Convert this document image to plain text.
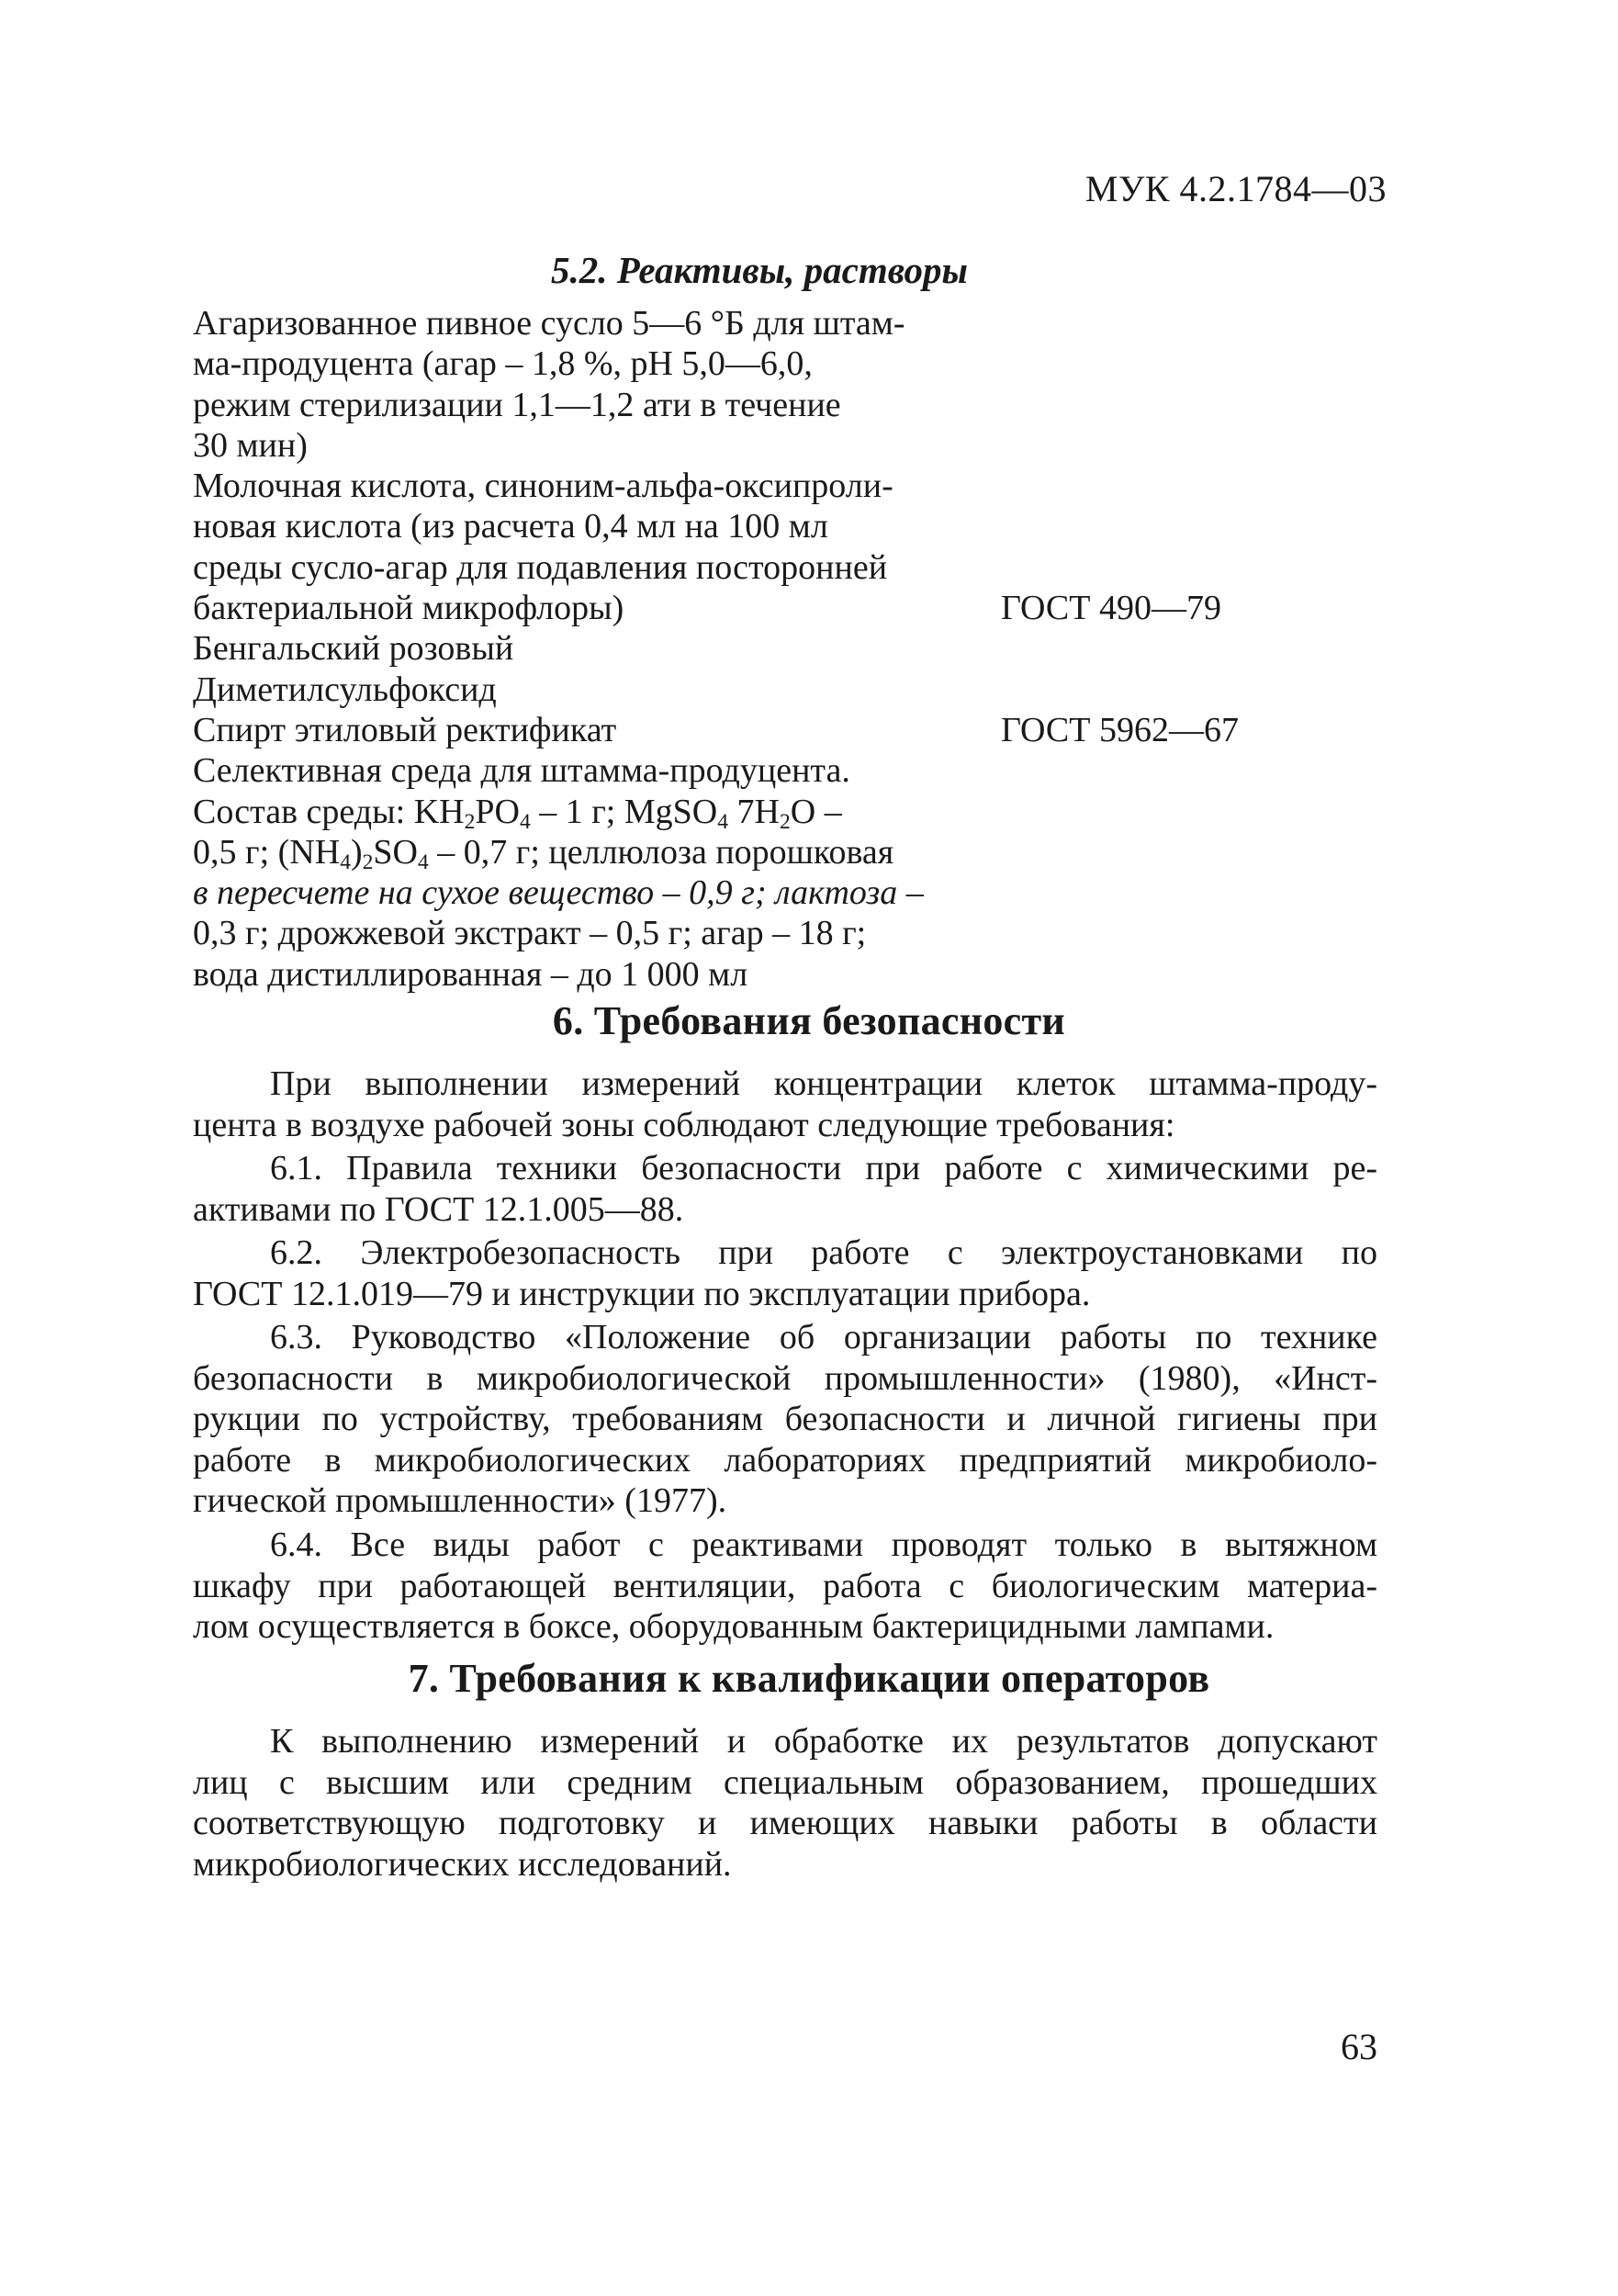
МУК 4.2.1784—03
5.2. Реактивы, растворы
Агаризованное пивное сусло 5—6 °Б для штам-
ма-продуцента (агар – 1,8 %, pH 5,0—6,0,
режим стерилизации 1,1—1,2 ати в течение
30 мин)
Молочная кислота, синоним-альфа-оксипроли-
новая кислота (из расчета 0,4 мл на 100 мл
среды сусло-агар для подавления посторонней
бактериальной микрофлоры)	ГОСТ 490—79
Бенгальский розовый
Диметилсульфоксид
Спирт этиловый ректификат	ГОСТ 5962—67
Селективная среда для штамма-продуцента.
Состав среды: $KH_2PO_4 - 1$ г; MgSO$_4$ $7H_2O$ –
0,5 г; $(NH_4)_2SO_4 - 0,7$ г; целлюлоза порошковая
в пересчете на сухое вещество – 0,9 г; лактоза –
0,3 г; дрожжевой экстракт – 0,5 г; агар – 18 г;
вода дистиллированная – до 1 000 мл
6. Требования безопасности
При выполнении измерений концентрации клеток штамма-проду-
цента в воздухе рабочей зоны соблюдают следующие требования:
6.1. Правила техники безопасности при работе с химическими ре-
активами по ГОСТ 12.1.005—88.
6.2. Электробезопасность при работе с электроустановками по
ГОСТ 12.1.019—79 и инструкции по эксплуатации прибора.
6.3. Руководство «Положение об организации работы по технике
безопасности в микробиологической промышленности» (1980), «Инст-
рукции по устройству, требованиям безопасности и личной гигиены при
работе в микробиологических лабораториях предприятий микробиоло-
гической промышленности» (1977).
6.4. Все виды работ с реактивами проводят только в вытяжном
шкафу при работающей вентиляции, работа с биологическим материа-
лом осуществляется в боксе, оборудованным бактерицидными лампами.
7. Требования к квалификации операторов
К выполнению измерений и обработке их результатов допускают
лиц с высшим или средним специальным образованием, прошедших
соответствующую подготовку и имеющих навыки работы в области
микробиологических исследований.
63
